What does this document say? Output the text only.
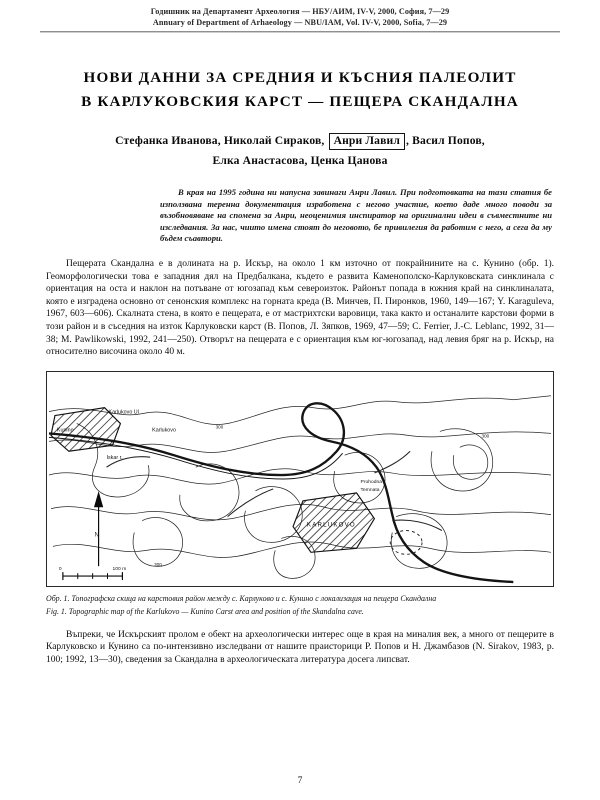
Годишник на Департамент Археология — НБУ/АИМ, IV-V, 2000, София, 7—29
Annuary of Department of Arhaeology — NBU/IAM, Vol. IV-V, 2000, Sofia, 7—29
НОВИ ДАННИ ЗА СРЕДНИЯ И КЪСНИЯ ПАЛЕОЛИТ
В КАРЛУКОВСКИЯ КАРСТ — ПЕЩЕРА СКАНДАЛНА
Стефанка Иванова, Николай Сираков, Анри Лавил , Васил Попов,
Елка Анастасова, Ценка Цанова

В края на 1995 година ни напусна завинаги Анри Лавил. При подготовката на тази статия бе използвана теренна документация изработена с негово участие, което даде много поводи за възобновяване на спомена за Анри, неоценимия инспиратор на оригинални идеи в съвместните ни изследвания. За нас, чиито имена стоят до неговото, бе привилегия да работим с него, а сега да му бъдем съавтори.

Пещерата Скандална е в долината на р. Искър, на около 1 км източно от покрайнините на с. Кунино (обр. 1). Геоморфологически това е западния дял на Предбалкана, където е развита Каменополско-Карлуковската синклинала с ориентация на оста и наклон на потъване от югозапад към североизток. Районът попада в южния край на синклиналата, която е изградена основно от сенонския комплекс на горната креда (В. Минчев, П. Пиронков, 1960, 149—167; Y. Karaguleva, 1967, 603—606). Скалната стена, в която е пещерата, е от мастрихтски варовици, така както и останалите карстови форми в този район и в съседния на изток Карлуковски карст (В. Попов, Л. Зяпков, 1969, 47—59; C. Ferrier, J.-C. Leblanc, 1992, 31—38; M. Pawlikowski, 1992, 241—250). Отворът на пещерата е с ориентация към юг-югозапад, над левия бряг на р. Искър, на относително височина около 40 м.

Karlukovo Ul
Kunino	Karlukovo
Iskar r.
Prohodna
Temnata
KARLUKOVO
300
300
300
N
0	100 m
Обр. 1. Топографска скица на карстовия район между с. Карлуково и с. Кунино с локализация на пещера Скандална
Fig. 1. Topographic map of the Karlukovo — Kunino Carst area and position of the Skandalna cave.

Въпреки, че Искърският пролом е обект на археологически интерес още в края на миналия век, а много от пещерите в Карлуковско и Кунино са по-интензивно изследвани от нашите праисторици Р. Попов и Н. Джамбазов (N. Sirakov, 1983, p. 100; 1992, 13—30), сведения за Скандална в археологическата литература досега липсват.

7
